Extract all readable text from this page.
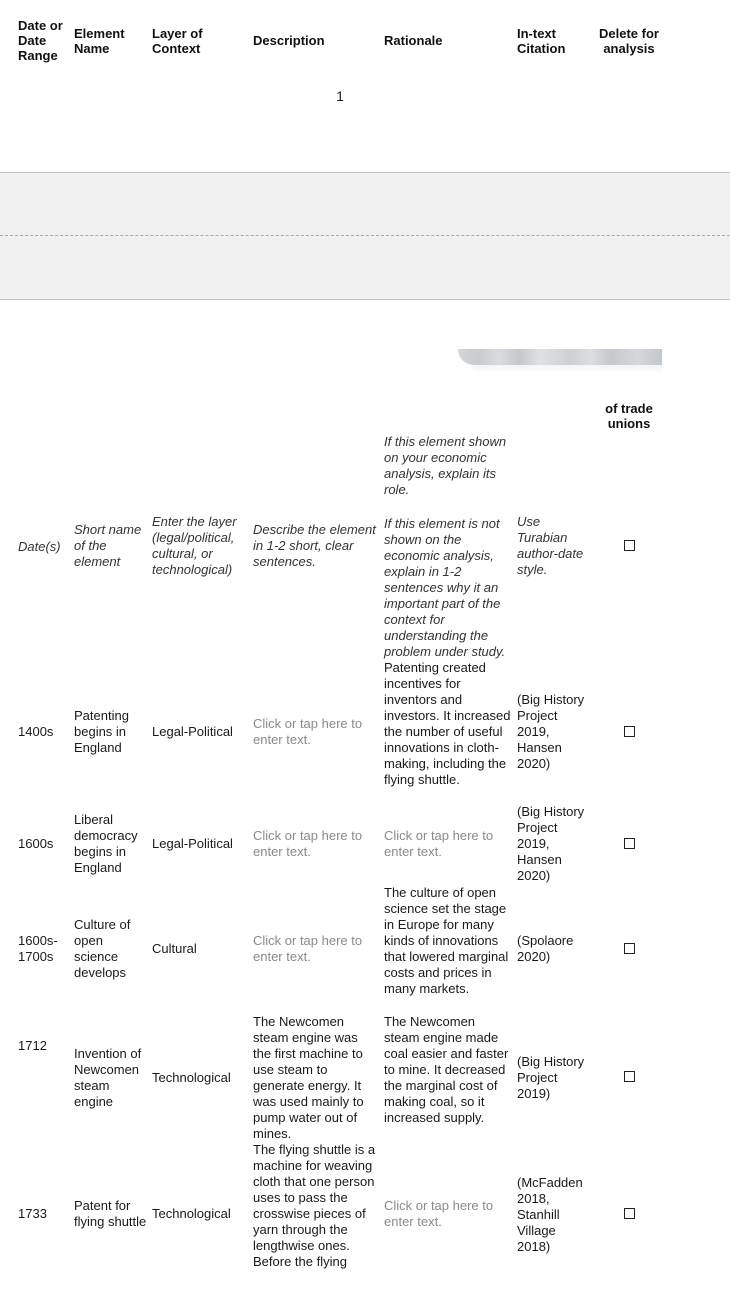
Date or Date Range
Element Name
Layer of Context
Description	Rationale	In-text Citation
Delete for analysis
1
of trade unions
Date(s)
Short name of the element
Enter the layer (legal/political, cultural, or technological)
Describe the element in 1-2 short, clear sentences.
If this element shown on your economic analysis, explain its role.
If this element is not shown on the economic analysis, explain in 1-2 sentences why it an important part of the context for understanding the problem under study.
Use Turabian author-date style.
1400s
Patenting begins in England
Legal-Political
Click or tap here to enter text.
Patenting created incentives for inventors and investors. It increased the number of useful innovations in cloth-making, including the flying shuttle.
(Big History Project 2019, Hansen 2020)
1600s
Liberal democracy begins in England
Legal-Political
Click or tap here to enter text.
Click or tap here to enter text.
(Big History Project 2019, Hansen 2020)
1600s-1700s
Culture of open science develops
Cultural
Click or tap here to enter text.
The culture of open science set the stage in Europe for many kinds of innovations that lowered marginal costs and prices in many markets.
(Spolaore 2020)
1712
Invention of Newcomen steam engine
Technological
The Newcomen steam engine was the first machine to use steam to generate energy. It was used mainly to pump water out of mines.
The Newcomen steam engine made coal easier and faster to mine. It decreased the marginal cost of making coal, so it increased supply.
(Big History Project 2019)
1733
Patent for flying shuttle
Technological
The flying shuttle is a machine for weaving cloth that one person uses to pass the crosswise pieces of yarn through the lengthwise ones. Before the flying
Click or tap here to enter text.
(McFadden 2018, Stanhill Village 2018)
